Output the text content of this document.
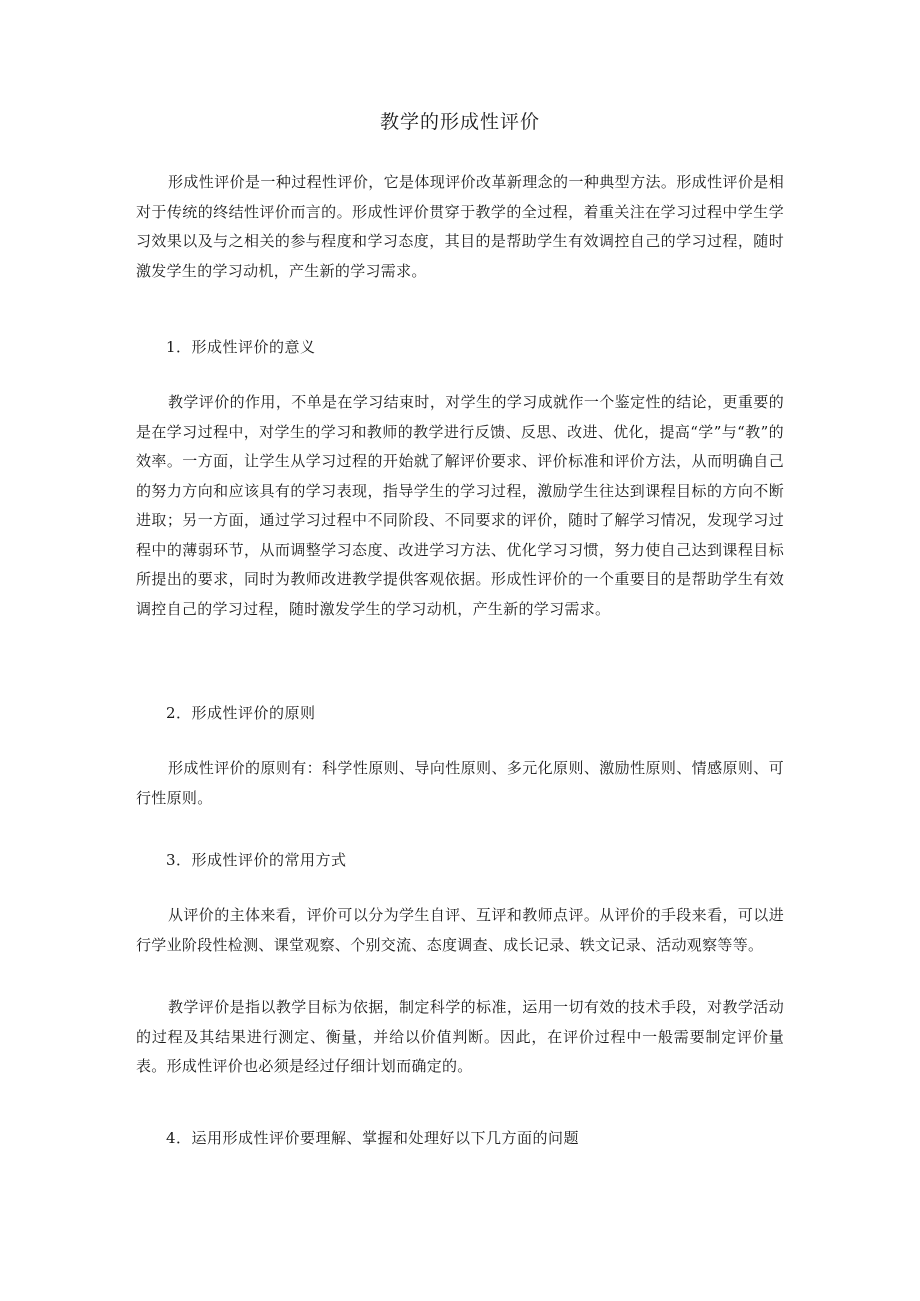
教学的形成性评价

形成性评价是一种过程性评价，它是体现评价改革新理念的一种典型方法。形成性评价是相对于传统的终结性评价而言的。形成性评价贯穿于教学的全过程，着重关注在学习过程中学生学习效果以及与之相关的参与程度和学习态度，其目的是帮助学生有效调控自己的学习过程，随时激发学生的学习动机，产生新的学习需求。

1．形成性评价的意义

教学评价的作用，不单是在学习结束时，对学生的学习成就作一个鉴定性的结论，更重要的是在学习过程中，对学生的学习和教师的教学进行反馈、反思、改进、优化，提高“学”与“教”的效率。一方面，让学生从学习过程的开始就了解评价要求、评价标准和评价方法，从而明确自己的努力方向和应该具有的学习表现，指导学生的学习过程，激励学生往达到课程目标的方向不断进取；另一方面，通过学习过程中不同阶段、不同要求的评价，随时了解学习情况，发现学习过程中的薄弱环节，从而调整学习态度、改进学习方法、优化学习习惯，努力使自己达到课程目标所提出的要求，同时为教师改进教学提供客观依据。形成性评价的一个重要目的是帮助学生有效调控自己的学习过程，随时激发学生的学习动机，产生新的学习需求。

2．形成性评价的原则

形成性评价的原则有：科学性原则、导向性原则、多元化原则、激励性原则、情感原则、可行性原则。

3．形成性评价的常用方式

从评价的主体来看，评价可以分为学生自评、互评和教师点评。从评价的手段来看，可以进行学业阶段性检测、课堂观察、个别交流、态度调查、成长记录、轶文记录、活动观察等等。

教学评价是指以教学目标为依据，制定科学的标准，运用一切有效的技术手段，对教学活动的过程及其结果进行测定、衡量，并给以价值判断。因此，在评价过程中一般需要制定评价量表。形成性评价也必须是经过仔细计划而确定的。

4．运用形成性评价要理解、掌握和处理好以下几方面的问题
